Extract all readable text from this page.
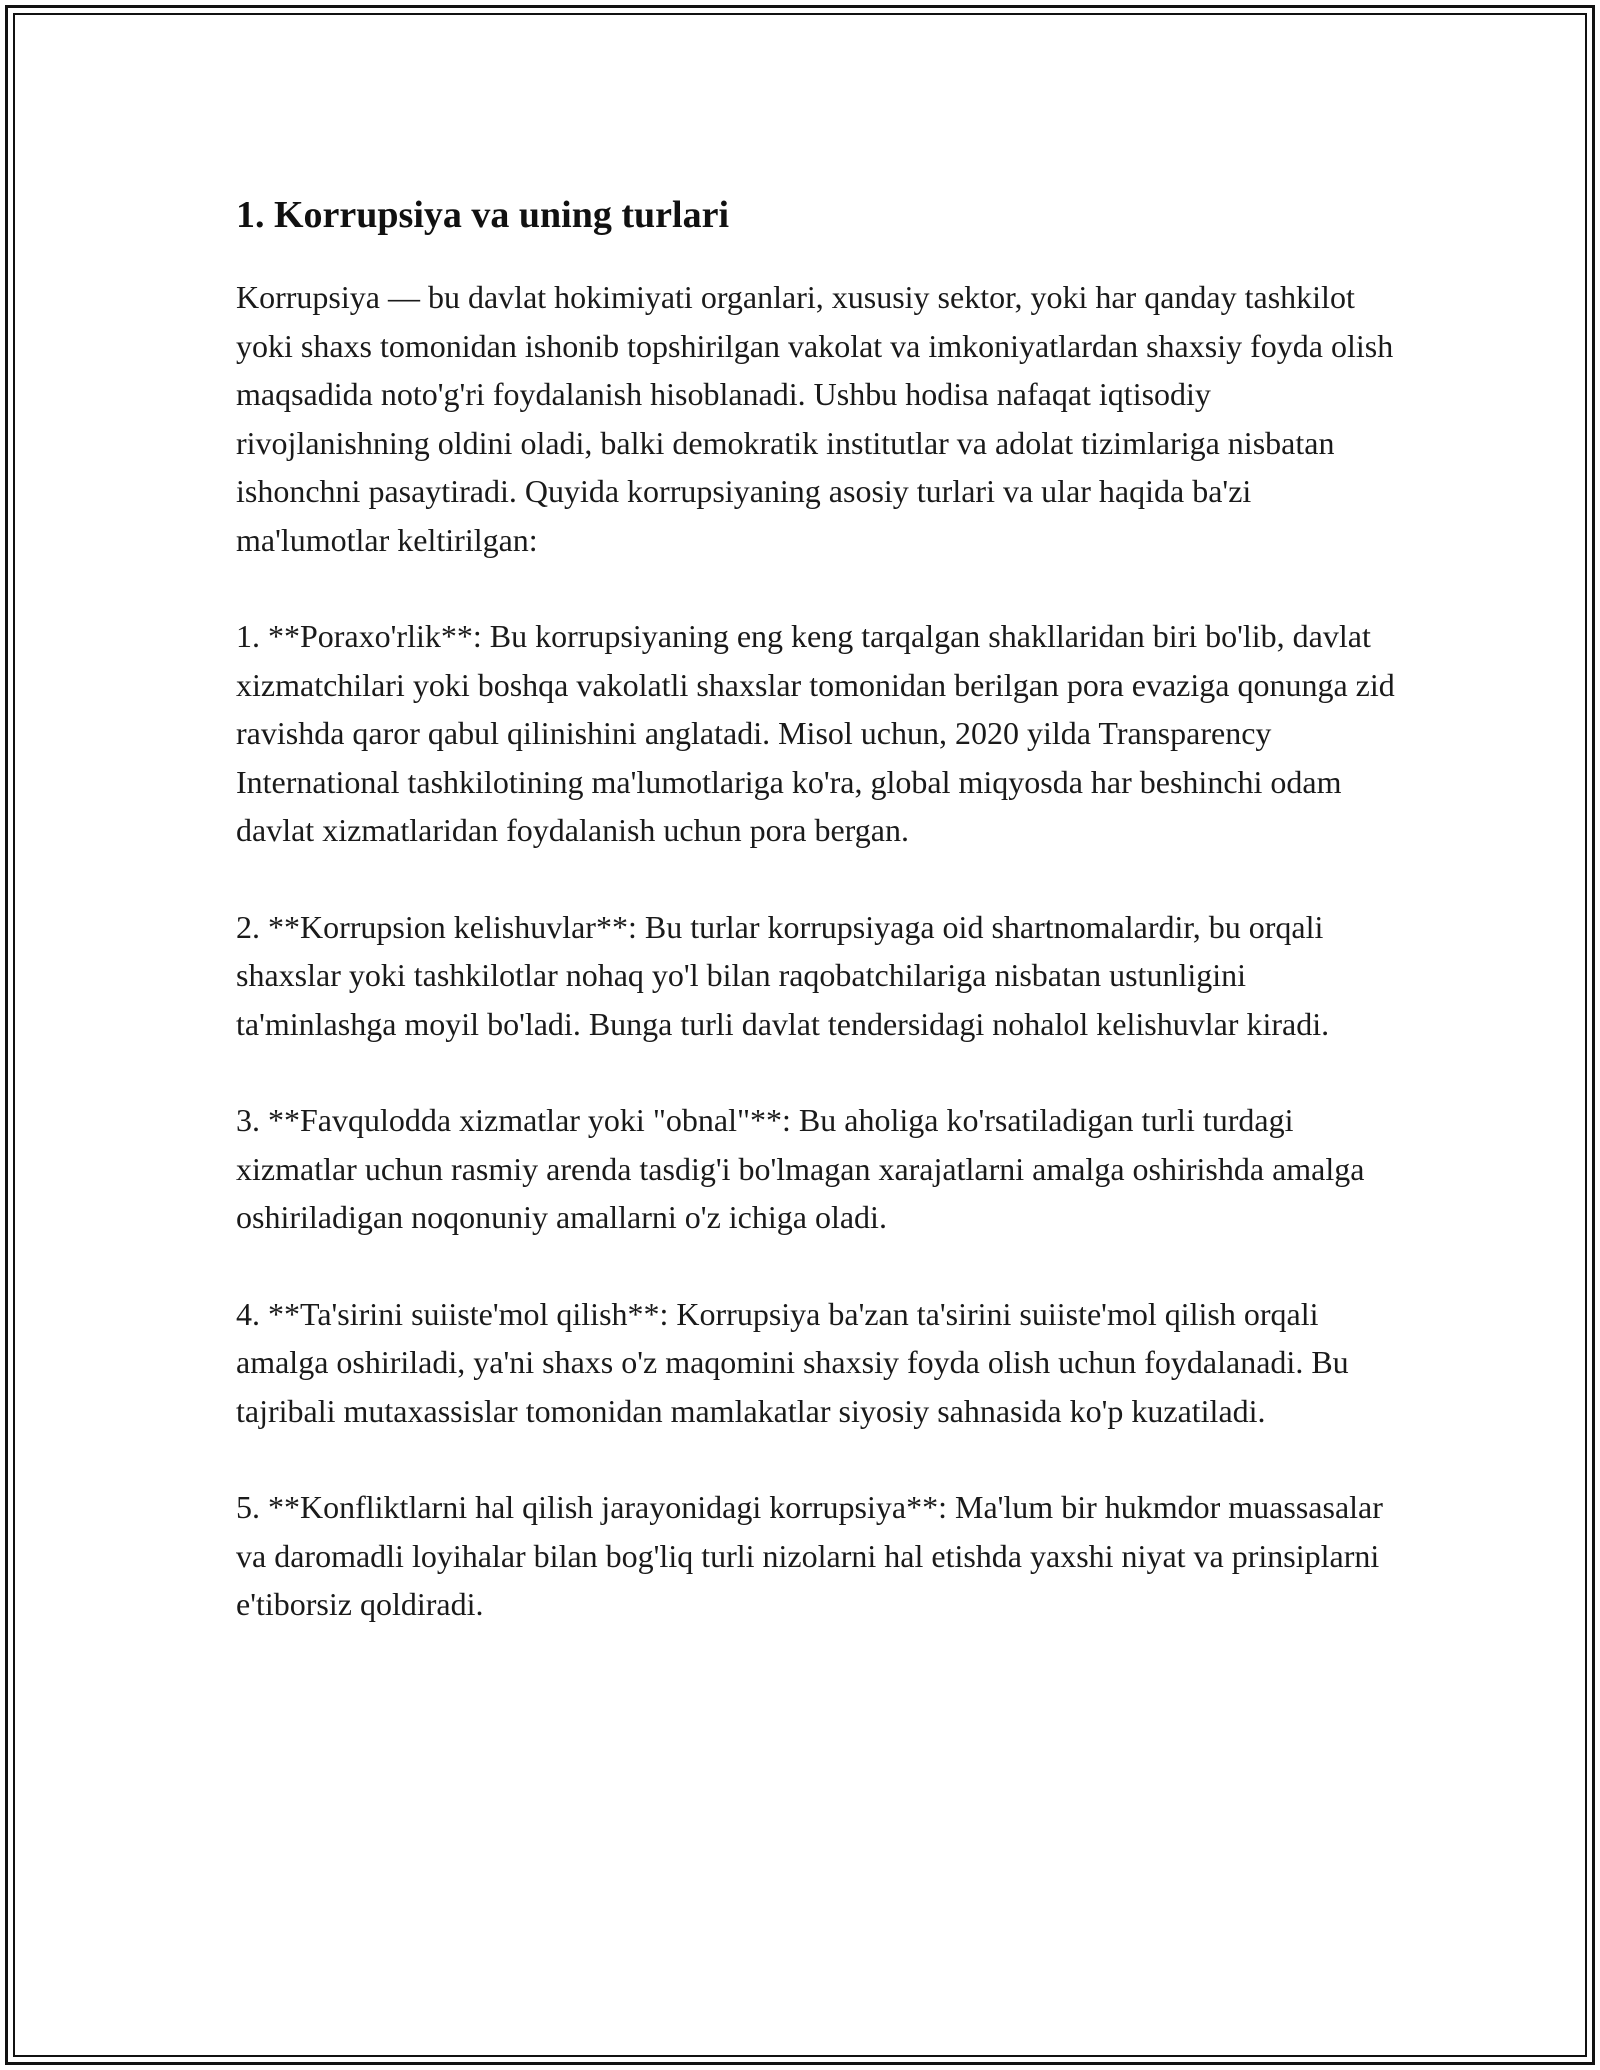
1. Korrupsiya va uning turlari

Korrupsiya — bu davlat hokimiyati organlari, xususiy sektor, yoki har qanday tashkilot yoki shaxs tomonidan ishonib topshirilgan vakolat va imkoniyatlardan shaxsiy foyda olish maqsadida noto'g'ri foydalanish hisoblanadi. Ushbu hodisa nafaqat iqtisodiy rivojlanishning oldini oladi, balki demokratik institutlar va adolat tizimlariga nisbatan ishonchni pasaytiradi. Quyida korrupsiyaning asosiy turlari va ular haqida ba'zi ma'lumotlar keltirilgan:

1. **Poraxo'rlik**: Bu korrupsiyaning eng keng tarqalgan shakllaridan biri bo'lib, davlat xizmatchilari yoki boshqa vakolatli shaxslar tomonidan berilgan pora evaziga qonunga zid ravishda qaror qabul qilinishini anglatadi. Misol uchun, 2020 yilda Transparency International tashkilotining ma'lumotlariga ko'ra, global miqyosda har beshinchi odam davlat xizmatlaridan foydalanish uchun pora bergan.

2. **Korrupsion kelishuvlar**: Bu turlar korrupsiyaga oid shartnomalardir, bu orqali shaxslar yoki tashkilotlar nohaq yo'l bilan raqobatchilariga nisbatan ustunligini ta'minlashga moyil bo'ladi. Bunga turli davlat tendersidagi nohalol kelishuvlar kiradi.

3. **Favqulodda xizmatlar yoki "obnal"**: Bu aholiga ko'rsatiladigan turli turdagi xizmatlar uchun rasmiy arenda tasdig'i bo'lmagan xarajatlarni amalga oshirishda amalga oshiriladigan noqonuniy amallarni o'z ichiga oladi.

4. **Ta'sirini suiiste'mol qilish**: Korrupsiya ba'zan ta'sirini suiiste'mol qilish orqali amalga oshiriladi, ya'ni shaxs o'z maqomini shaxsiy foyda olish uchun foydalanadi. Bu tajribali mutaxassislar tomonidan mamlakatlar siyosiy sahnasida ko'p kuzatiladi.

5. **Konfliktlarni hal qilish jarayonidagi korrupsiya**: Ma'lum bir hukmdor muassasalar va daromadli loyihalar bilan bog'liq turli nizolarni hal etishda yaxshi niyat va prinsiplarni e'tiborsiz qoldiradi.
